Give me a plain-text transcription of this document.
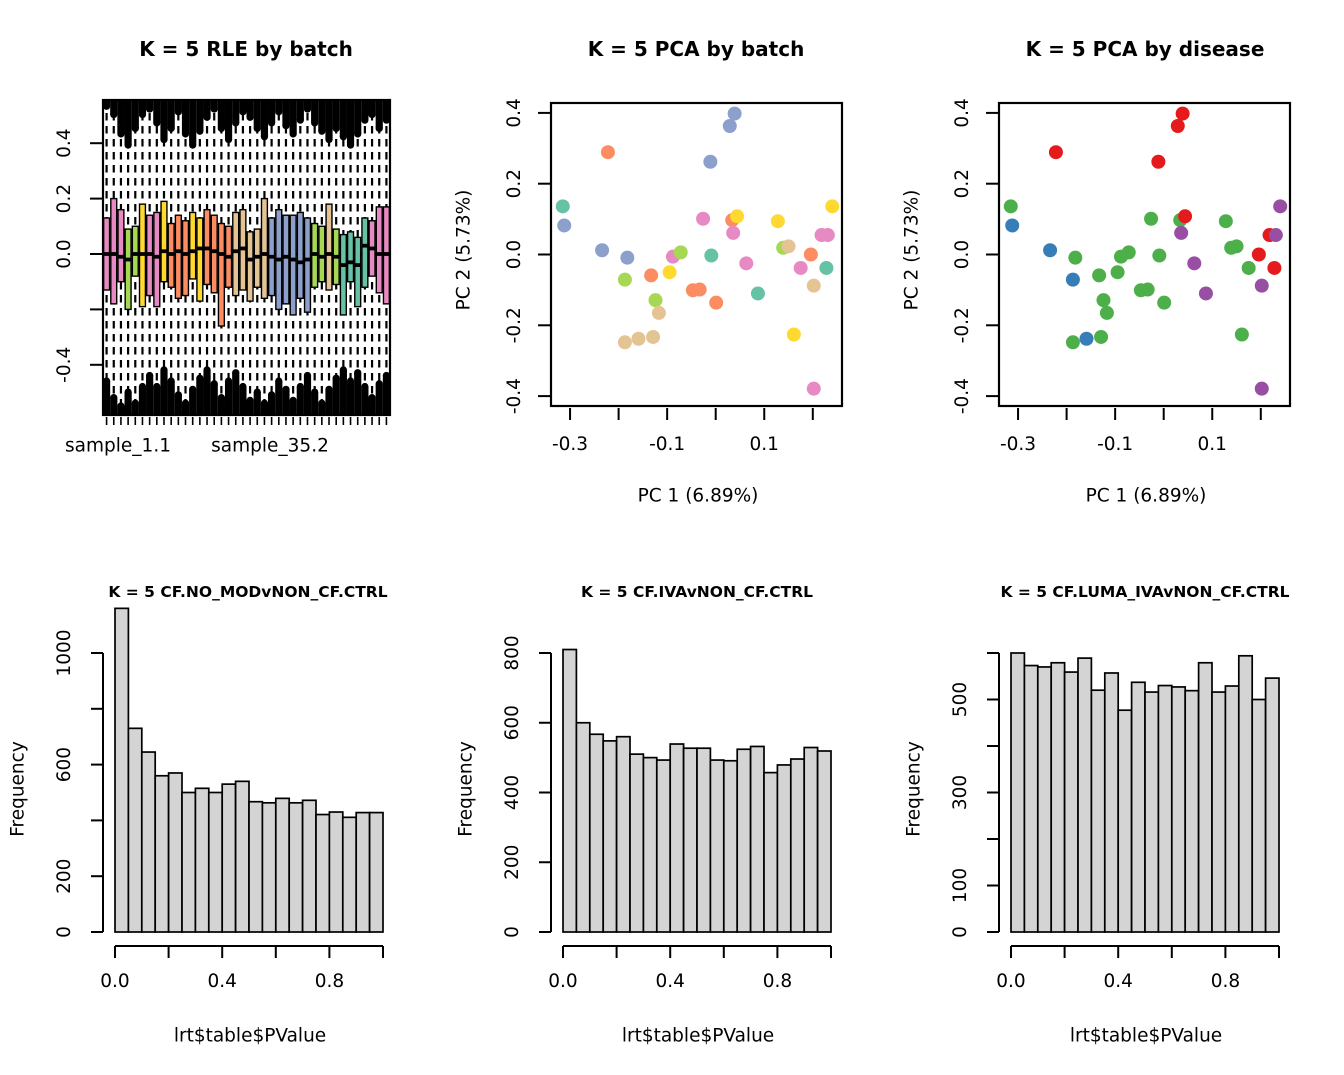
K = 5 RLE by batch	K = 5 PCA by batch	K = 5 PCA by disease
K = 5 CF.NO_MODvNON_CF.CTRL	K = 5 CF.IVAvNON_CF.CTRL	K = 5 CF.LUMA_IVAvNON_CF.CTRL
PC 1 (6.89%)	PC 1 (6.89%)
PC 2 (5.73%)	PC 2 (5.73%)
Frequency	Frequency	Frequency
lrt$table$PValue	lrt$table$PValue	lrt$table$PValue
sample_1.1 sample_35.2
-0.4
0.0
0.2
0.4
-0.3	-0.1	0.1
-0.4
-0.2
0.0
0.2
0.4
-0.3	-0.1	0.1
-0.4
-0.2
0.0
0.2
0.4
0
200
600
1000
0.0	0.4	0.8
0
200
400
600
800
0.0	0.4	0.8
0
100
300
500
0.0	0.4	0.8
